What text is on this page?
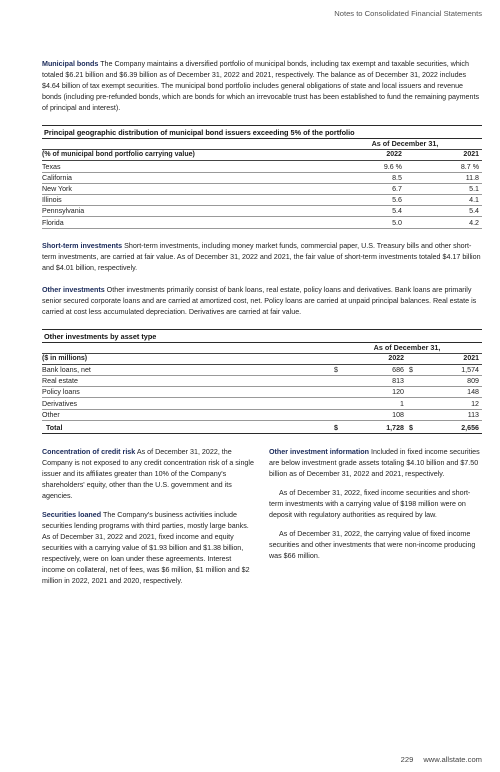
Notes to Consolidated Financial Statements

Municipal bonds The Company maintains a diversified portfolio of municipal bonds, including tax exempt and taxable securities, which totaled $6.21 billion and $6.39 billion as of December 31, 2022 and 2021, respectively. The balance as of December 31, 2022 includes $4.64 billion of tax exempt securities. The municipal bond portfolio includes general obligations of state and local issuers and revenue bonds (including pre-refunded bonds, which are bonds for which an irrevocable trust has been established to fund the remaining payments of principal and interest).

Principal geographic distribution of municipal bond issuers exceeding 5% of the portfolio
	As of December 31,	
(% of municipal bond portfolio carrying value)	2022	2021
Texas	9.6 %	8.7 %
California	8.5	11.8
New York	6.7	5.1
Illinois	5.6	4.1
Pennsylvania	5.4	5.4
Florida	5.0	4.2

Short-term investments Short-term investments, including money market funds, commercial paper, U.S. Treasury bills and other short-term investments, are carried at fair value. As of December 31, 2022 and 2021, the fair value of short-term investments totaled $4.17 billion and $4.01 billion, respectively.

Other investments Other investments primarily consist of bank loans, real estate, policy loans and derivatives. Bank loans are primarily senior secured corporate loans and are carried at amortized cost, net. Policy loans are carried at unpaid principal balances. Real estate is carried at cost less accumulated depreciation. Derivatives are carried at fair value.

Other investments by asset type
	As of December 31,			
($ in millions)	2022		2021	
Bank loans, net	$	686	$	1,574
Real estate		813		809
Policy loans		120		148
Derivatives		1		12
Other		108		113
Total	$	1,728	$	2,656

Concentration of credit risk As of December 31, 2022, the Company is not exposed to any credit concentration risk of a single issuer and its affiliates greater than 10% of the Company's shareholders' equity, other than the U.S. government and its agencies.

Securities loaned The Company's business activities include securities lending programs with third parties, mostly large banks. As of December 31, 2022 and 2021, fixed income and equity securities with a carrying value of $1.93 billion and $1.38 billion, respectively, were on loan under these agreements. Interest income on collateral, net of fees, was $6 million, $1 million and $2 million in 2022, 2021 and 2020, respectively.

Other investment information Included in fixed income securities are below investment grade assets totaling $4.10 billion and $7.50 billion as of December 31, 2022 and 2021, respectively.

As of December 31, 2022, fixed income securities and short-term investments with a carrying value of $198 million were on deposit with regulatory authorities as required by law.

As of December 31, 2022, the carrying value of fixed income securities and other investments that were non-income producing was $66 million.

229 www.allstate.com
